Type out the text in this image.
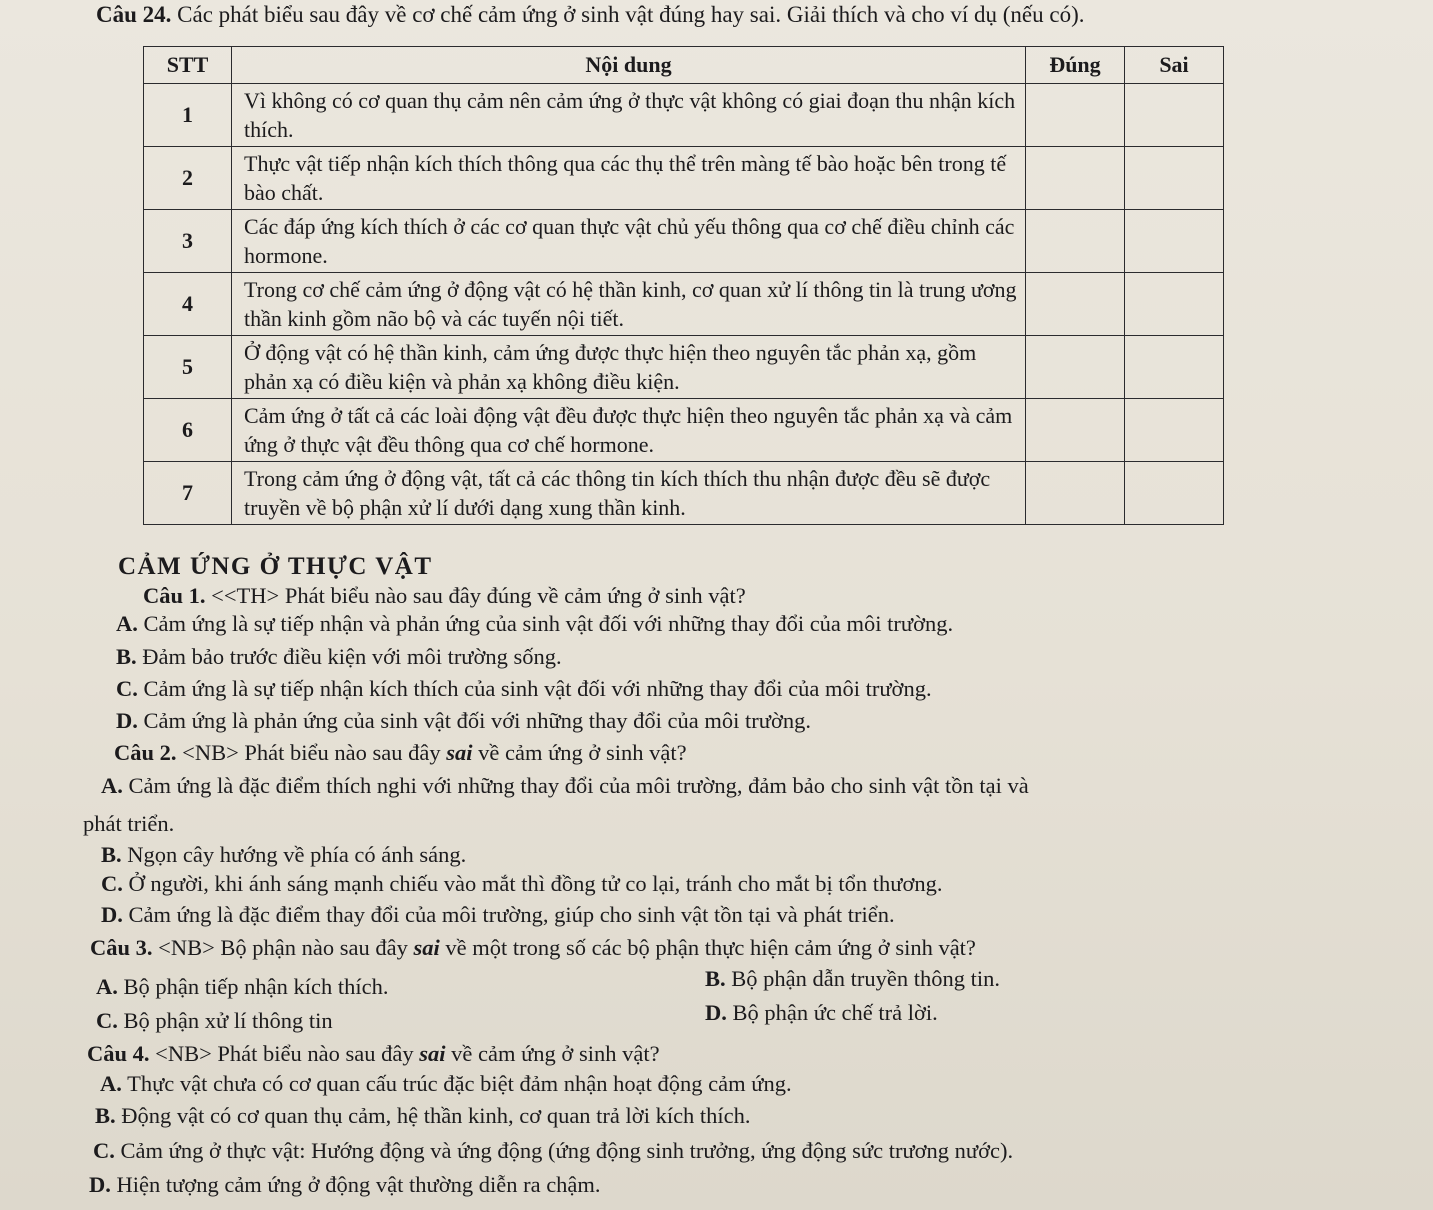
Câu 24. Các phát biểu sau đây về cơ chế cảm ứng ở sinh vật đúng hay sai. Giải thích và cho ví dụ (nếu có).
STT	Nội dung	Đúng	Sai
1	Vì không có cơ quan thụ cảm nên cảm ứng ở thực vật không có giai đoạn thu nhận kích thích.		
2	Thực vật tiếp nhận kích thích thông qua các thụ thể trên màng tế bào hoặc bên trong tế bào chất.		
3	Các đáp ứng kích thích ở các cơ quan thực vật chủ yếu thông qua cơ chế điều chỉnh các hormone.		
4	Trong cơ chế cảm ứng ở động vật có hệ thần kinh, cơ quan xử lí thông tin là trung ương thần kinh gồm não bộ và các tuyến nội tiết.		
5	Ở động vật có hệ thần kinh, cảm ứng được thực hiện theo nguyên tắc phản xạ, gồm phản xạ có điều kiện và phản xạ không điều kiện.		
6	Cảm ứng ở tất cả các loài động vật đều được thực hiện theo nguyên tắc phản xạ và cảm ứng ở thực vật đều thông qua cơ chế hormone.		
7	Trong cảm ứng ở động vật, tất cả các thông tin kích thích thu nhận được đều sẽ được truyền về bộ phận xử lí dưới dạng xung thần kinh.		
CẢM ỨNG Ở THỰC VẬT
Câu 1. <<TH> Phát biểu nào sau đây đúng về cảm ứng ở sinh vật?
A. Cảm ứng là sự tiếp nhận và phản ứng của sinh vật đối với những thay đổi của môi trường.
B. Đảm bảo trước điều kiện với môi trường sống.
C. Cảm ứng là sự tiếp nhận kích thích của sinh vật đối với những thay đổi của môi trường.
D. Cảm ứng là phản ứng của sinh vật đối với những thay đổi của môi trường.
Câu 2. <NB> Phát biểu nào sau đây sai về cảm ứng ở sinh vật?
A. Cảm ứng là đặc điểm thích nghi với những thay đổi của môi trường, đảm bảo cho sinh vật tồn tại và
phát triển.
B. Ngọn cây hướng về phía có ánh sáng.
C. Ở người, khi ánh sáng mạnh chiếu vào mắt thì đồng tử co lại, tránh cho mắt bị tổn thương.
D. Cảm ứng là đặc điểm thay đổi của môi trường, giúp cho sinh vật tồn tại và phát triển.
Câu 3. <NB> Bộ phận nào sau đây sai về một trong số các bộ phận thực hiện cảm ứng ở sinh vật?
A. Bộ phận tiếp nhận kích thích.	B. Bộ phận dẫn truyền thông tin.
C. Bộ phận xử lí thông tin	D. Bộ phận ức chế trả lời.
Câu 4. <NB> Phát biểu nào sau đây sai về cảm ứng ở sinh vật?
A. Thực vật chưa có cơ quan cấu trúc đặc biệt đảm nhận hoạt động cảm ứng.
B. Động vật có cơ quan thụ cảm, hệ thần kinh, cơ quan trả lời kích thích.
C. Cảm ứng ở thực vật: Hướng động và ứng động (ứng động sinh trưởng, ứng động sức trương nước).
D. Hiện tượng cảm ứng ở động vật thường diễn ra chậm.
